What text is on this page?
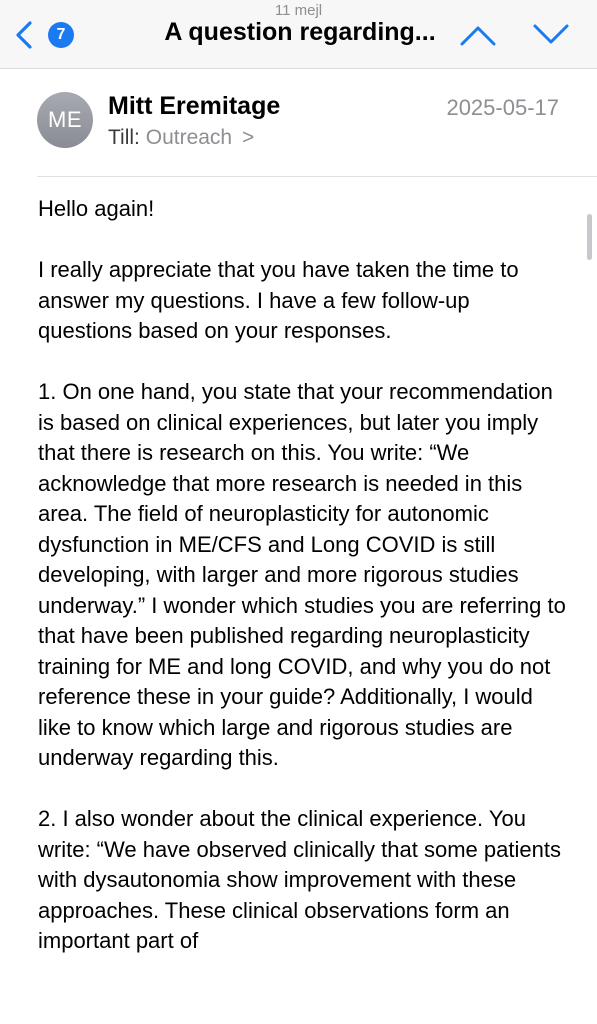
11 mejl
7	A question regarding...
ME	Mitt Eremitage
Till: Outreach >
2025-05-17

Hello again!

I really appreciate that you have taken the time to answer my questions. I have a few follow-up questions based on your responses.

1. On one hand, you state that your recommendation is based on clinical experiences, but later you imply that there is research on this. You write: “We acknowledge that more research is needed in this area. The field of neuroplasticity for autonomic dysfunction in ME/CFS and Long COVID is still developing, with larger and more rigorous studies underway.” I wonder which studies you are referring to that have been published regarding neuroplasticity training for ME and long COVID, and why you do not reference these in your guide? Additionally, I would like to know which large and rigorous studies are underway regarding this.

2. I also wonder about the clinical experience. You write: “We have observed clinically that some patients with dysautonomia show improvement with these approaches. These clinical observations form an important part of
